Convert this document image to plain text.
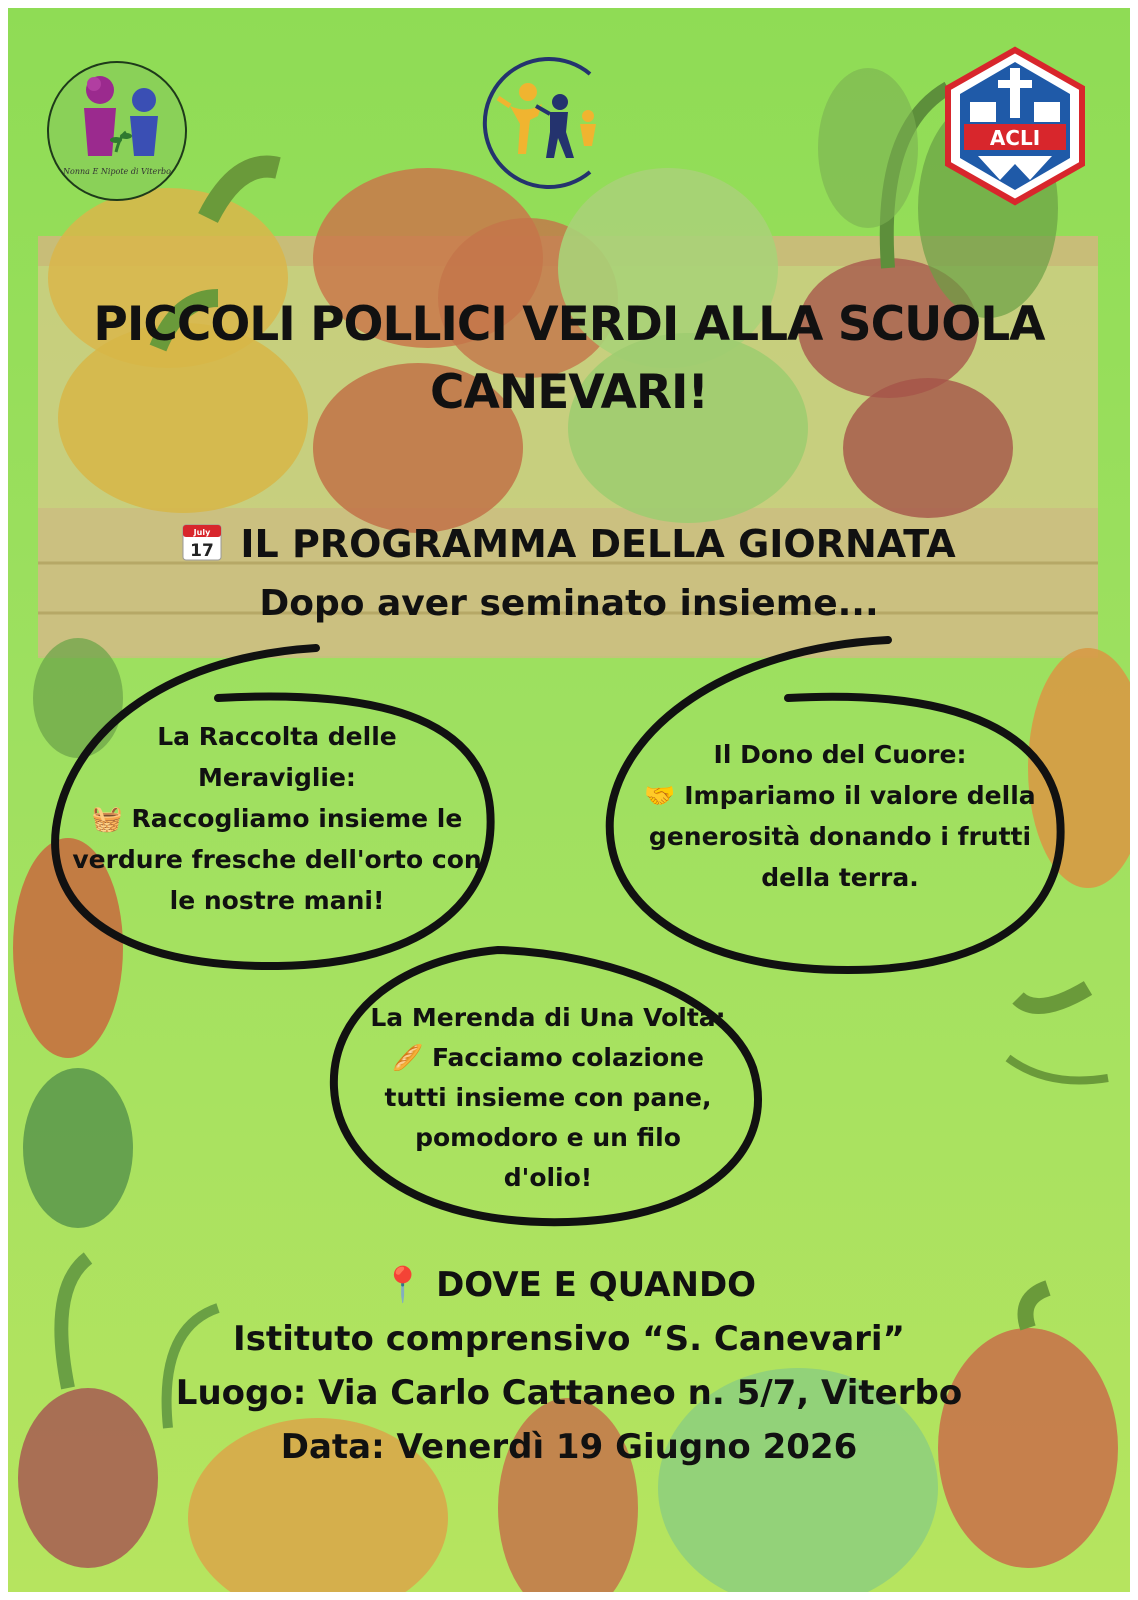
Nonna E Nipote di Viterbo
ACLI
PICCOLI POLLICI VERDI ALLA SCUOLA
CANEVARI!
July
17 IL PROGRAMMA DELLA GIORNATA
Dopo aver seminato insieme...
La Raccolta delle Meraviglie:
🧺 Raccogliamo insieme le verdure fresche dell'orto con le nostre mani!
Il Dono del Cuore:
🤝 Impariamo il valore della generosità donando i frutti della terra.
La Merenda di Una Volta:
🥖 Facciamo colazione tutti insieme con pane, pomodoro e un filo d'olio!
📍 DOVE E QUANDO
Istituto comprensivo “S. Canevari”
Luogo: Via Carlo Cattaneo n. 5/7, Viterbo
Data: Venerdì 19 Giugno 2026
